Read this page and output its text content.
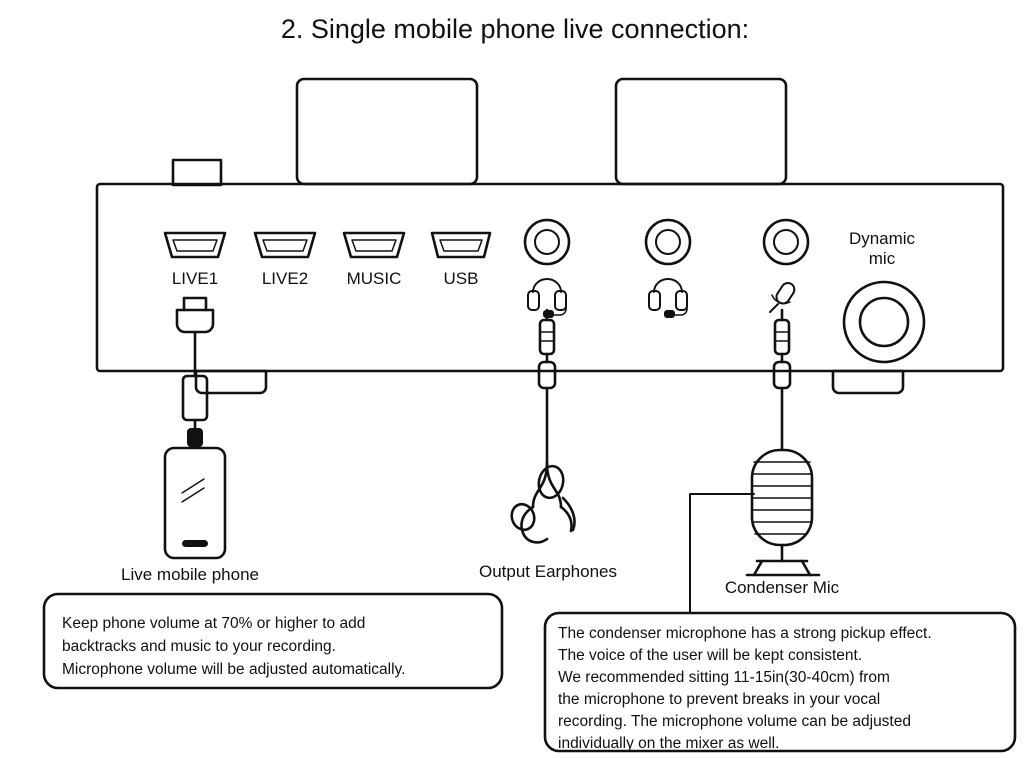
2. Single mobile phone live connection:
LIVE1	LIVE2 MUSIC USB
Dynamic
mic
Live mobile phone	Output Earphones
Condenser Mic
Keep phone volume at 70% or higher to add
backtracks and music to your recording.
Microphone volume will be adjusted automatically.
The condenser microphone has a strong pickup effect.
The voice of the user will be kept consistent.
We recommended sitting 11-15in(30-40cm) from
the microphone to prevent breaks in your vocal
recording. The microphone volume can be adjusted
individually on the mixer as well.
